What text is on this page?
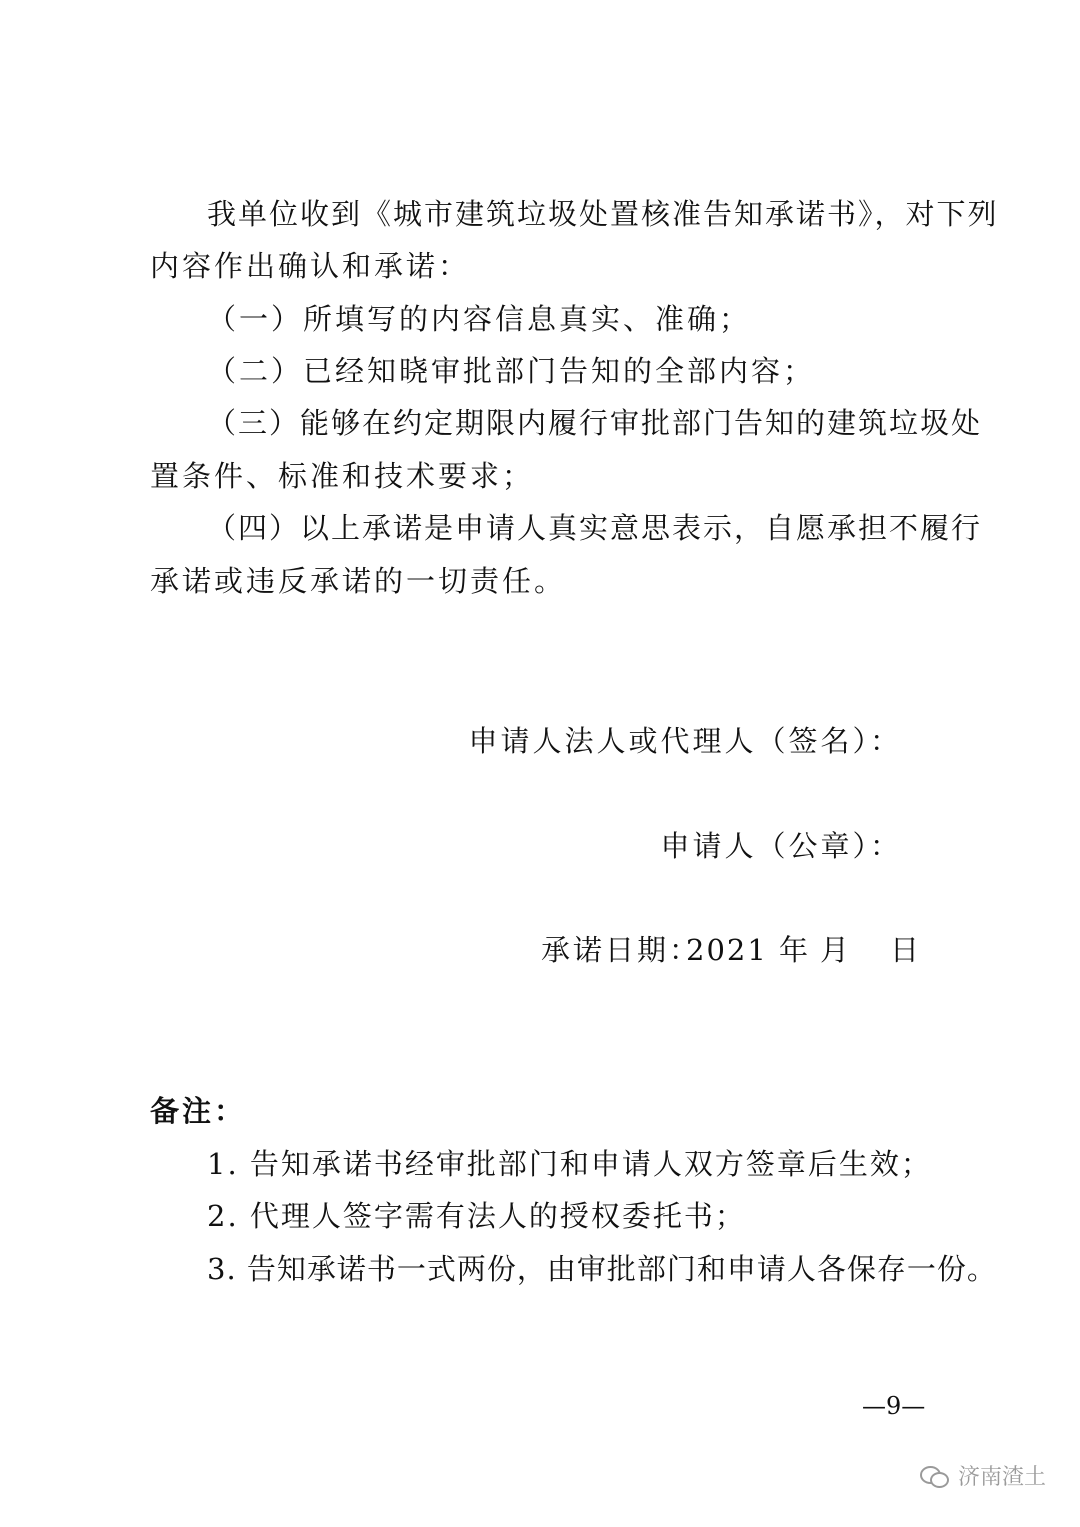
我单位收到《城市建筑垃圾处置核准告知承诺书》，对下列
内容作出确认和承诺：
（一）所填写的内容信息真实、准确；
（二）已经知晓审批部门告知的全部内容；
（三）能够在约定期限内履行审批部门告知的建筑垃圾处
置条件、标准和技术要求；
（四）以上承诺是申请人真实意思表示，自愿承担不履行
承诺或违反承诺的一切责任。
申请人法人或代理人（签名）：
申请人（公章）：
承诺日期：
2021 年 月 日
备注：
1. 告知承诺书经审批部门和申请人双方签章后生效；
2. 代理人签字需有法人的授权委托书；
3. 告知承诺书一式两份，由审批部门和申请人各保存一份。
—9—
济南渣土
